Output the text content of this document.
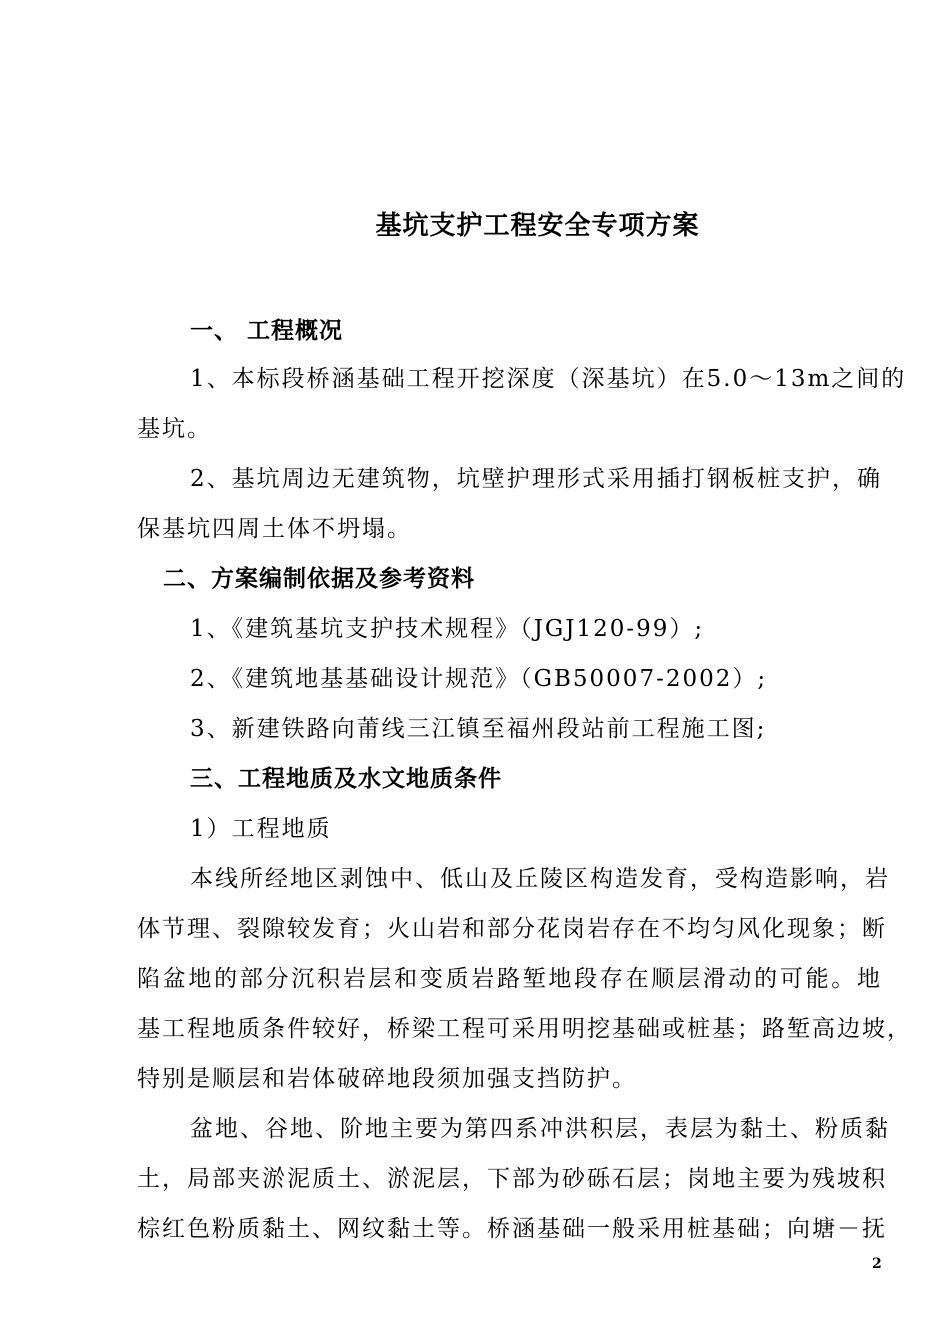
基坑支护工程安全专项方案
一、 工程概况
1、本标段桥涵基础工程开挖深度（深基坑）在5.0～13m之间的
基坑。
2、基坑周边无建筑物，坑壁护理形式采用插打钢板桩支护，确
保基坑四周土体不坍塌。
二、方案编制依据及参考资料
1、《建筑基坑支护技术规程》（JGJ120-99）;
2、《建筑地基基础设计规范》（GB50007-2002）;
3、新建铁路向莆线三江镇至福州段站前工程施工图;
三、工程地质及水文地质条件
1）工程地质
本线所经地区剥蚀中、低山及丘陵区构造发育，受构造影响，岩
体节理、裂隙较发育；火山岩和部分花岗岩存在不均匀风化现象；断
陷盆地的部分沉积岩层和变质岩路堑地段存在顺层滑动的可能。地
基工程地质条件较好，桥梁工程可采用明挖基础或桩基；路堑高边坡，
特别是顺层和岩体破碎地段须加强支挡防护。
盆地、谷地、阶地主要为第四系冲洪积层，表层为黏土、粉质黏
土，局部夹淤泥质土、淤泥层，下部为砂砾石层；岗地主要为残坡积
棕红色粉质黏土、网纹黏土等。桥涵基础一般采用桩基础；向塘－抚
2
